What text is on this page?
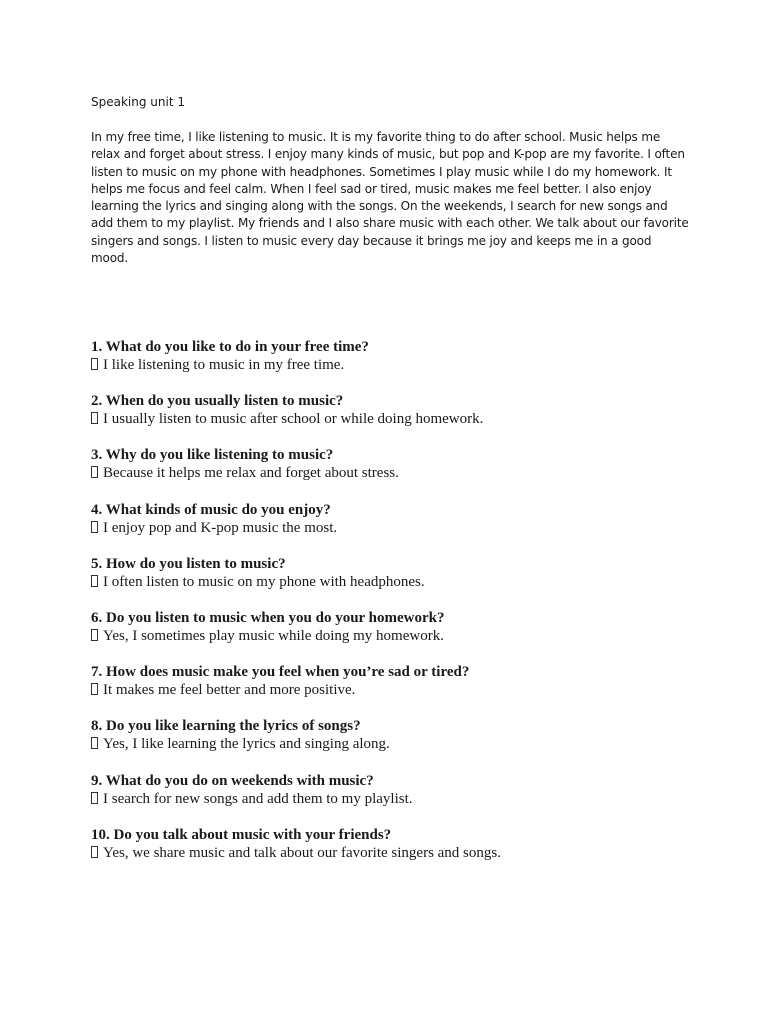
Speaking unit 1

In my free time, I like listening to music. It is my favorite thing to do after school. Music helps me relax and forget about stress. I enjoy many kinds of music, but pop and K-pop are my favorite. I often listen to music on my phone with headphones. Sometimes I play music while I do my homework. It helps me focus and feel calm. When I feel sad or tired, music makes me feel better. I also enjoy learning the lyrics and singing along with the songs. On the weekends, I search for new songs and add them to my playlist. My friends and I also share music with each other. We talk about our favorite singers and songs. I listen to music every day because it brings me joy and keeps me in a good mood.

1. What do you like to do in your free time?
I like listening to music in my free time.
2. When do you usually listen to music?
I usually listen to music after school or while doing homework.
3. Why do you like listening to music?
Because it helps me relax and forget about stress.
4. What kinds of music do you enjoy?
I enjoy pop and K-pop music the most.
5. How do you listen to music?
I often listen to music on my phone with headphones.
6. Do you listen to music when you do your homework?
Yes, I sometimes play music while doing my homework.
7. How does music make you feel when you’re sad or tired?
It makes me feel better and more positive.
8. Do you like learning the lyrics of songs?
Yes, I like learning the lyrics and singing along.
9. What do you do on weekends with music?
I search for new songs and add them to my playlist.
10. Do you talk about music with your friends?
Yes, we share music and talk about our favorite singers and songs.
